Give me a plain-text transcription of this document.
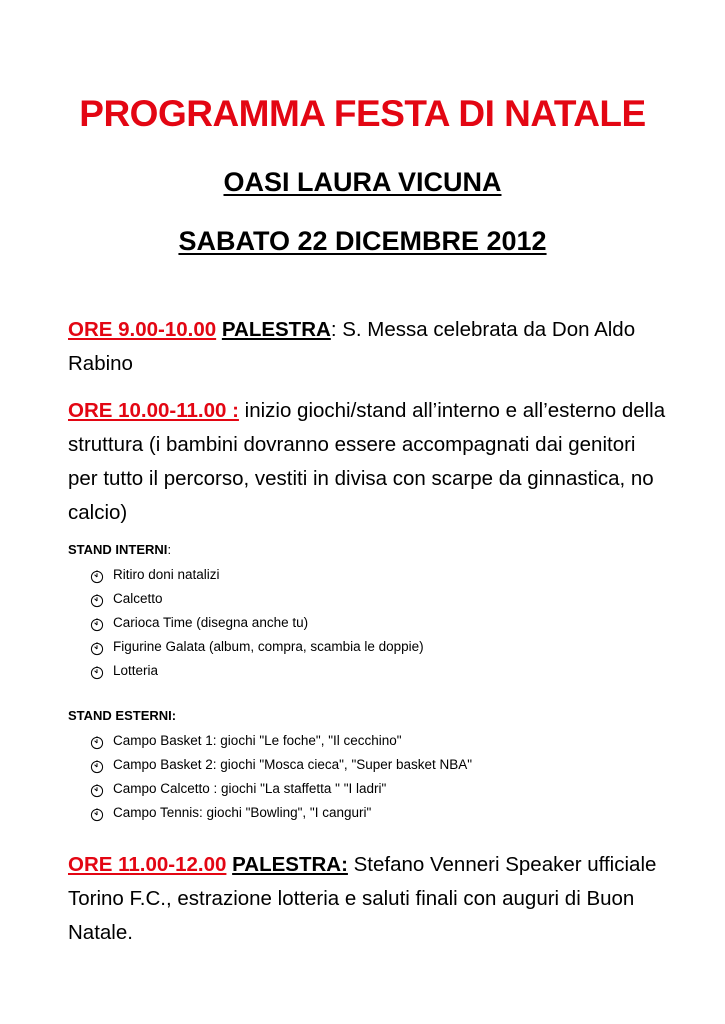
PROGRAMMA FESTA DI NATALE
OASI LAURA VICUNA
SABATO 22 DICEMBRE 2012

ORE 9.00-10.00 PALESTRA: S. Messa celebrata da Don Aldo Rabino

ORE 10.00-11.00 : inizio giochi/stand all’interno e all’esterno della struttura (i bambini dovranno essere accompagnati dai genitori per tutto il percorso, vestiti in divisa con scarpe da ginnastica, no calcio)

STAND INTERNI:
Ritiro doni natalizi
Calcetto
Carioca Time (disegna anche tu)
Figurine Galata (album, compra, scambia le doppie)
Lotteria
STAND ESTERNI:
Campo Basket 1: giochi "Le foche", "Il cecchino"
Campo Basket 2: giochi "Mosca cieca", "Super basket NBA"
Campo Calcetto : giochi "La staffetta " "I ladri"
Campo Tennis: giochi "Bowling", "I canguri"

ORE 11.00-12.00 PALESTRA: Stefano Venneri Speaker ufficiale Torino F.C., estrazione lotteria e saluti finali con auguri di Buon Natale.
